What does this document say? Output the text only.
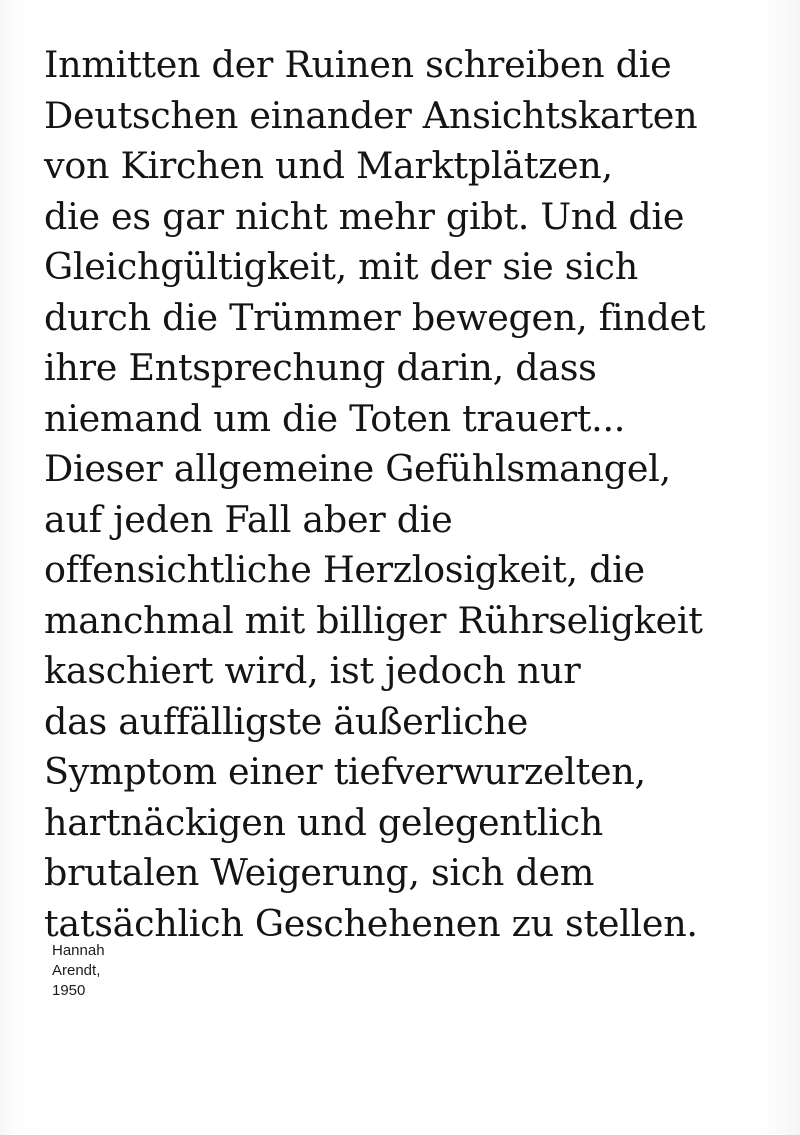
Inmitten der Ruinen schreiben die
Deutschen einander Ansichtskarten
von Kirchen und Marktplätzen,
die es gar nicht mehr gibt. Und die
Gleichgültigkeit, mit der sie sich
durch die Trümmer bewegen, findet
ihre Entsprechung darin, dass
niemand um die Toten trauert...
Dieser allgemeine Gefühlsmangel,
auf jeden Fall aber die
offensichtliche Herzlosigkeit, die
manchmal mit billiger Rührseligkeit
kaschiert wird, ist jedoch nur
das auffälligste äußerliche
Symptom einer tiefverwurzelten,
hartnäckigen und gelegentlich
brutalen Weigerung, sich dem
tatsächlich Geschehenen zu stellen.
Hannah
Arendt,
1950
